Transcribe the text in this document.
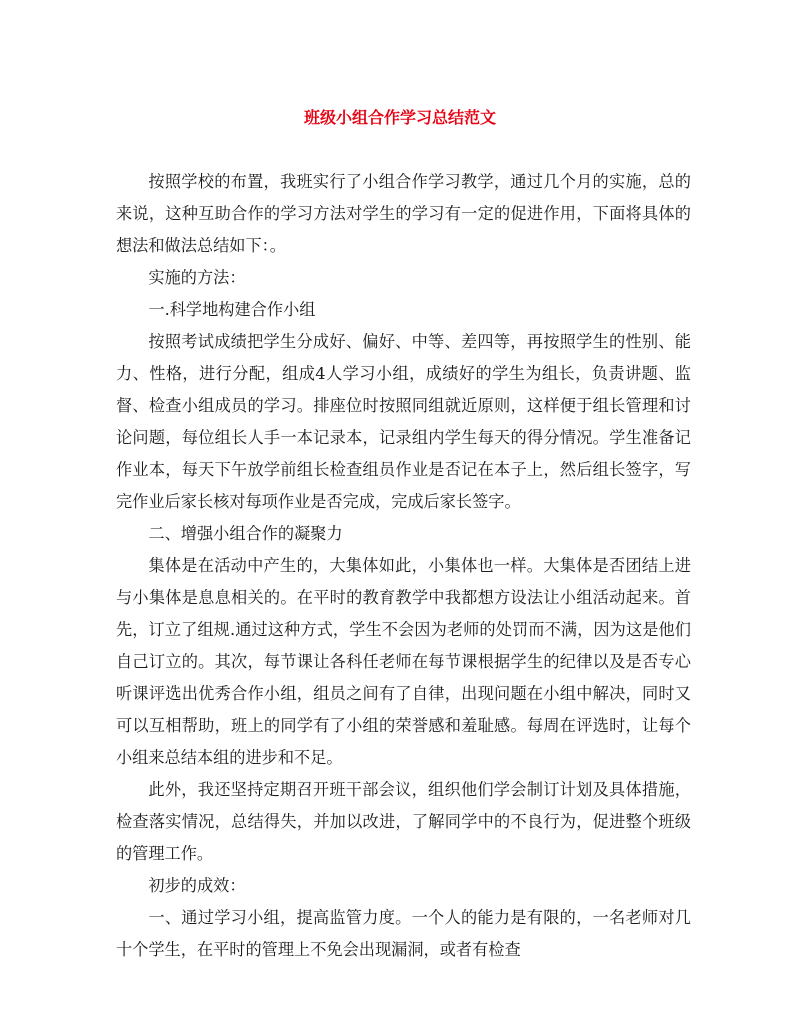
班级小组合作学习总结范文

按照学校的布置，我班实行了小组合作学习教学，通过几个月的实施，总的来说，这种互助合作的学习方法对学生的学习有一定的促进作用，下面将具体的想法和做法总结如下：。

实施的方法：

一.科学地构建合作小组

按照考试成绩把学生分成好、偏好、中等、差四等，再按照学生的性别、能力、性格，进行分配，组成4人学习小组，成绩好的学生为组长，负责讲题、监督、检查小组成员的学习。排座位时按照同组就近原则，这样便于组长管理和讨论问题，每位组长人手一本记录本，记录组内学生每天的得分情况。学生准备记作业本，每天下午放学前组长检查组员作业是否记在本子上，然后组长签字，写完作业后家长核对每项作业是否完成，完成后家长签字。

二、增强小组合作的凝聚力

集体是在活动中产生的，大集体如此，小集体也一样。大集体是否团结上进与小集体是息息相关的。在平时的教育教学中我都想方设法让小组活动起来。首先，订立了组规.通过这种方式，学生不会因为老师的处罚而不满，因为这是他们自己订立的。其次，每节课让各科任老师在每节课根据学生的纪律以及是否专心听课评选出优秀合作小组，组员之间有了自律，出现问题在小组中解决，同时又可以互相帮助，班上的同学有了小组的荣誉感和羞耻感。每周在评选时，让每个小组来总结本组的进步和不足。

此外，我还坚持定期召开班干部会议，组织他们学会制订计划及具体措施，检查落实情况，总结得失，并加以改进，了解同学中的不良行为，促进整个班级的管理工作。

初步的成效：

一、通过学习小组，提高监管力度。一个人的能力是有限的，一名老师对几十个学生，在平时的管理上不免会出现漏洞，或者有检查
